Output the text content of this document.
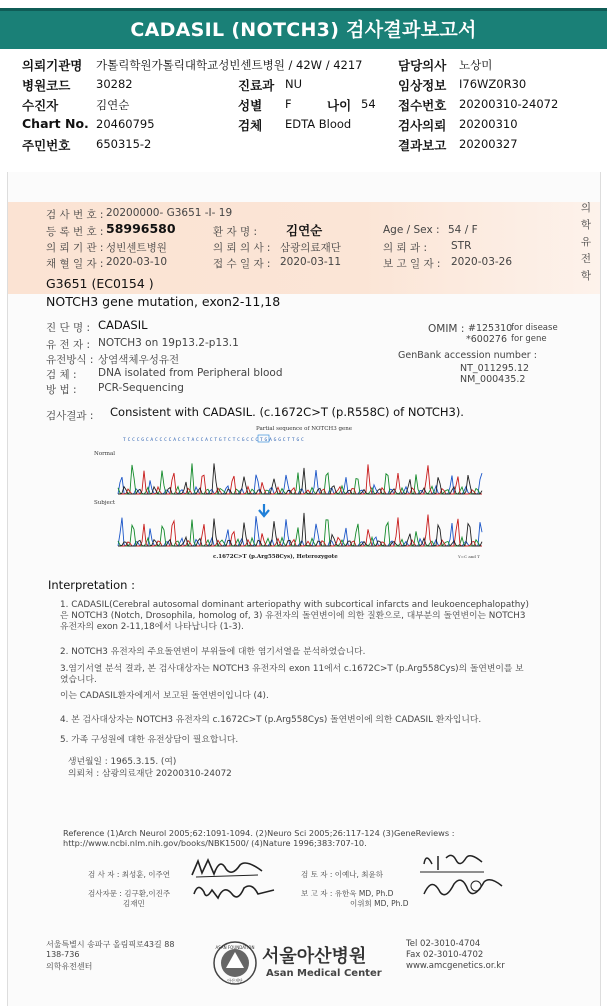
CADASIL (NOTCH3) 검사결과보고서
의뢰기관명 가톨릭학원가톨릭대학교성빈센트병원 / 42W / 4217	담당의사 노상미
병원코드 30282	진료과 NU	임상정보 I76WZ0R30
수진자	김연순	성별 F	나이 54 접수번호 20200310-24072
Chart No. 20460795	검체 EDTA Blood	검사의뢰 20200310
주민번호 650315-2	결과보고 20200327
의학유전학
검 사 번 호 : 20200000- G3651 -I- 19
등 록 번 호 : 58996580	환 자 명 : 김연순	Age / Sex : 54 / F
의 뢰 기 관 : 성빈센트병원	의 뢰 의 사 : 삼광의료재단	의 뢰 과 : STR
채 혈 일 자 : 2020-03-10	접 수 일 자 : 2020-03-11	보 고 일 자 : 2020-03-26
G3651 (EC0154 )
NOTCH3 gene mutation, exon2-11,18
진 단 명 : CADASIL
유 전 자 : NOTCH3 on 19p13.2-p13.1
유전방식 : 상염색체우성유전
검 체 : DNA isolated from Peripheral blood
방 법 : PCR-Sequencing
OMIM : #125310
for disease
*600276 for gene
GenBank accession number :
NT_011295.12
NM_000435.2
검사결과 : Consistent with CADASIL. (c.1672C>T (p.R558C) of NOTCH3).
Partial sequence of NOTCH3 gene
TCCCGCACCCCACCTACCACTGTCTCGCCCTGAGGCTTGC
Normal
Subject
c.1672C>T (p.Arg558Cys), Heterozygote	Y=C and T
Interpretation :
1. CADASIL(Cerebral autosomal dominant arteriopathy with subcortical infarcts and leukoencephalopathy)은 NOTCH3 (Notch, Drosophila, homolog of, 3) 유전자의 돌연변이에 의한 질환으로, 대부분의 돌연변이는 NOTCH3 유전자의 exon 2-11,18에서 나타납니다 (1-3).
2. NOTCH3 유전자의 주요돌연변이 부위들에 대한 염기서열을 분석하였습니다.
3.염기서열 분석 결과, 본 검사대상자는 NOTCH3 유전자의 exon 11에서 c.1672C>T (p.Arg558Cys)의 돌연변이를 보였습니다.
이는 CADASIL환자에게서 보고된 돌연변이입니다 (4).
4. 본 검사대상자는 NOTCH3 유전자의 c.1672C>T (p.Arg558Cys) 돌연변이에 의한 CADASIL 환자입니다.
5. 가족 구성원에 대한 유전상담이 필요합니다.
생년월일 : 1965.3.15. (여)
의뢰처 : 삼광의료재단 20200310-24072
Reference (1)Arch Neurol 2005;62:1091-1094. (2)Neuro Sci 2005;26:117-124 (3)GeneReviews : http://www.ncbi.nlm.nih.gov/books/NBK1500/ (4)Nature 1996;383:707-10.
검 사 자 : 최성훈, 이주연	검 토 자 : 이예나, 최윤하
검사자문 : 김구환,이진주
김재민
보 고 자 : 유한욱 MD, Ph.D
이위희 MD, Ph.D
서울특별시 송파구 올림픽로43길 88
138-736
의학유전센터
ASAN FOUNDATION
아산재단
서울아산병원
Asan Medical Center
Tel 02-3010-4704
Fax 02-3010-4702
www.amcgenetics.or.kr
